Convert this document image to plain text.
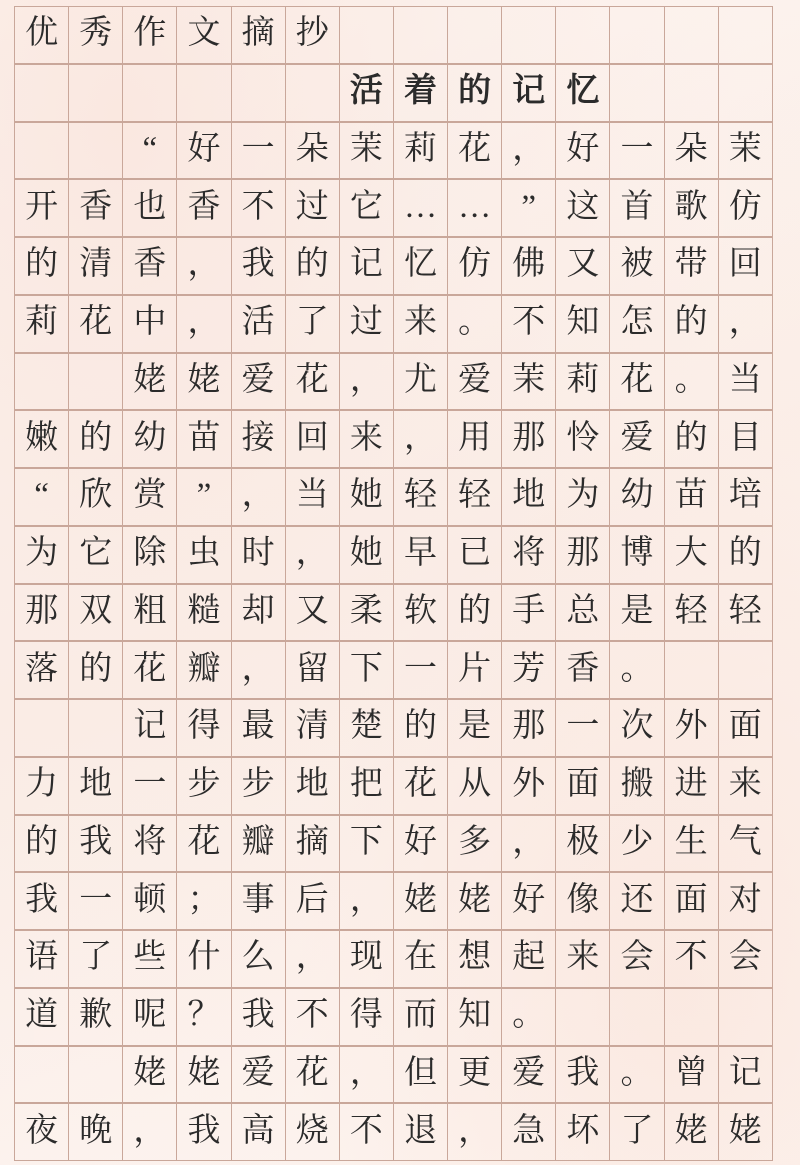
优 秀 作 文 摘 抄
活 着 的 记 忆
“ 好 一 朵 茉 莉 花 ， 好 一 朵 茉
开 香 也 香 不 过 它 … … ” 这 首 歌 仿
的 清 香 ， 我 的 记 忆 仿 佛 又 被 带 回
莉 花 中 ， 活 了 过 来 。 不 知 怎 的 ，
姥 姥 爱 花 ， 尤 爱 茉 莉 花 。 当
嫩 的 幼 苗 接 回 来 ， 用 那 怜 爱 的 目
“ 欣 赏 ” ， 当 她 轻 轻 地 为 幼 苗 培
为 它 除 虫 时 ， 她 早 已 将 那 博 大 的
那 双 粗 糙 却 又 柔 软 的 手 总 是 轻 轻
落 的 花 瓣 ， 留 下 一 片 芳 香 。
记 得 最 清 楚 的 是 那 一 次 外 面
力 地 一 步 步 地 把 花 从 外 面 搬 进 来
的 我 将 花 瓣 摘 下 好 多 ， 极 少 生 气
我 一 顿 ； 事 后 ， 姥 姥 好 像 还 面 对
语 了 些 什 么 ， 现 在 想 起 来 会 不 会
道 歉 呢 ？ 我 不 得 而 知 。
姥 姥 爱 花 ， 但 更 爱 我 。 曾 记
夜 晚 ， 我 高 烧 不 退 ， 急 坏 了 姥 姥
